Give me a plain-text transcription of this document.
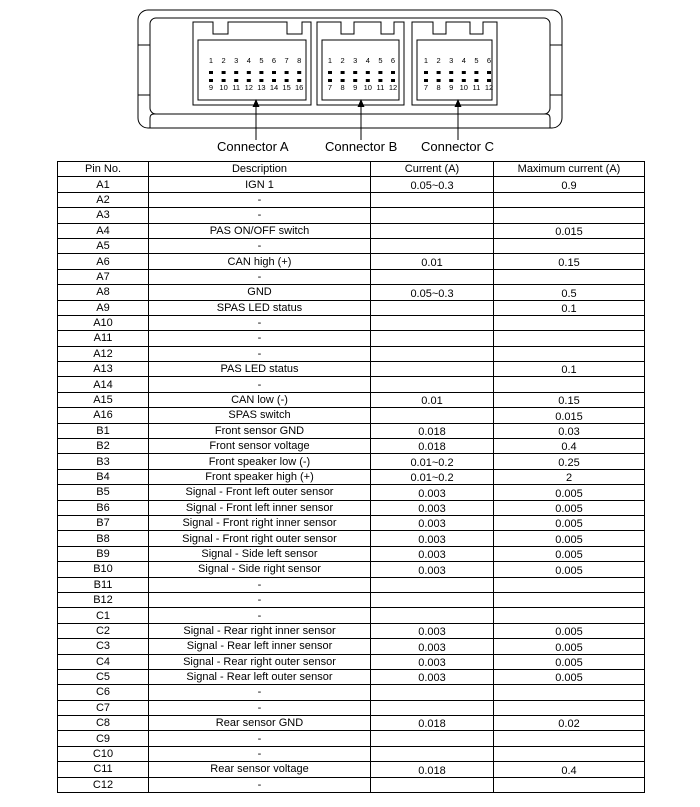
1 2 3 4 5 6 7 8
9 10 11 12 13 14 15 16
1 2 3 4 5 6
7 8 9 10 11 12
1 2 3 4 5 6
7 8 9 10 11 12
Connector A	Connector B Connector C
Pin No.	Description	Current (A)	Maximum current (A)
A1	IGN 1	0.05~0.3	0.9
A2	-		
A3	-		
A4	PAS ON/OFF switch		0.015
A5	-		
A6	CAN high (+)	0.01	0.15
A7	-		
A8	GND	0.05~0.3	0.5
A9	SPAS LED status		0.1
A10	-		
A11	-		
A12	-		
A13	PAS LED status		0.1
A14	-		
A15	CAN low (-)	0.01	0.15
A16	SPAS switch		0.015
B1	Front sensor GND	0.018	0.03
B2	Front sensor voltage	0.018	0.4
B3	Front speaker low (-)	0.01~0.2	0.25
B4	Front speaker high (+)	0.01~0.2	2
B5	Signal - Front left outer sensor	0.003	0.005
B6	Signal - Front left inner sensor	0.003	0.005
B7	Signal - Front right inner sensor	0.003	0.005
B8	Signal - Front right outer sensor	0.003	0.005
B9	Signal - Side left sensor	0.003	0.005
B10	Signal - Side right sensor	0.003	0.005
B11	-		
B12	-		
C1	-		
C2	Signal - Rear right inner sensor	0.003	0.005
C3	Signal - Rear left inner sensor	0.003	0.005
C4	Signal - Rear right outer sensor	0.003	0.005
C5	Signal - Rear left outer sensor	0.003	0.005
C6	-		
C7	-		
C8	Rear sensor GND	0.018	0.02
C9	-		
C10	-		
C11	Rear sensor voltage	0.018	0.4
C12	-		
